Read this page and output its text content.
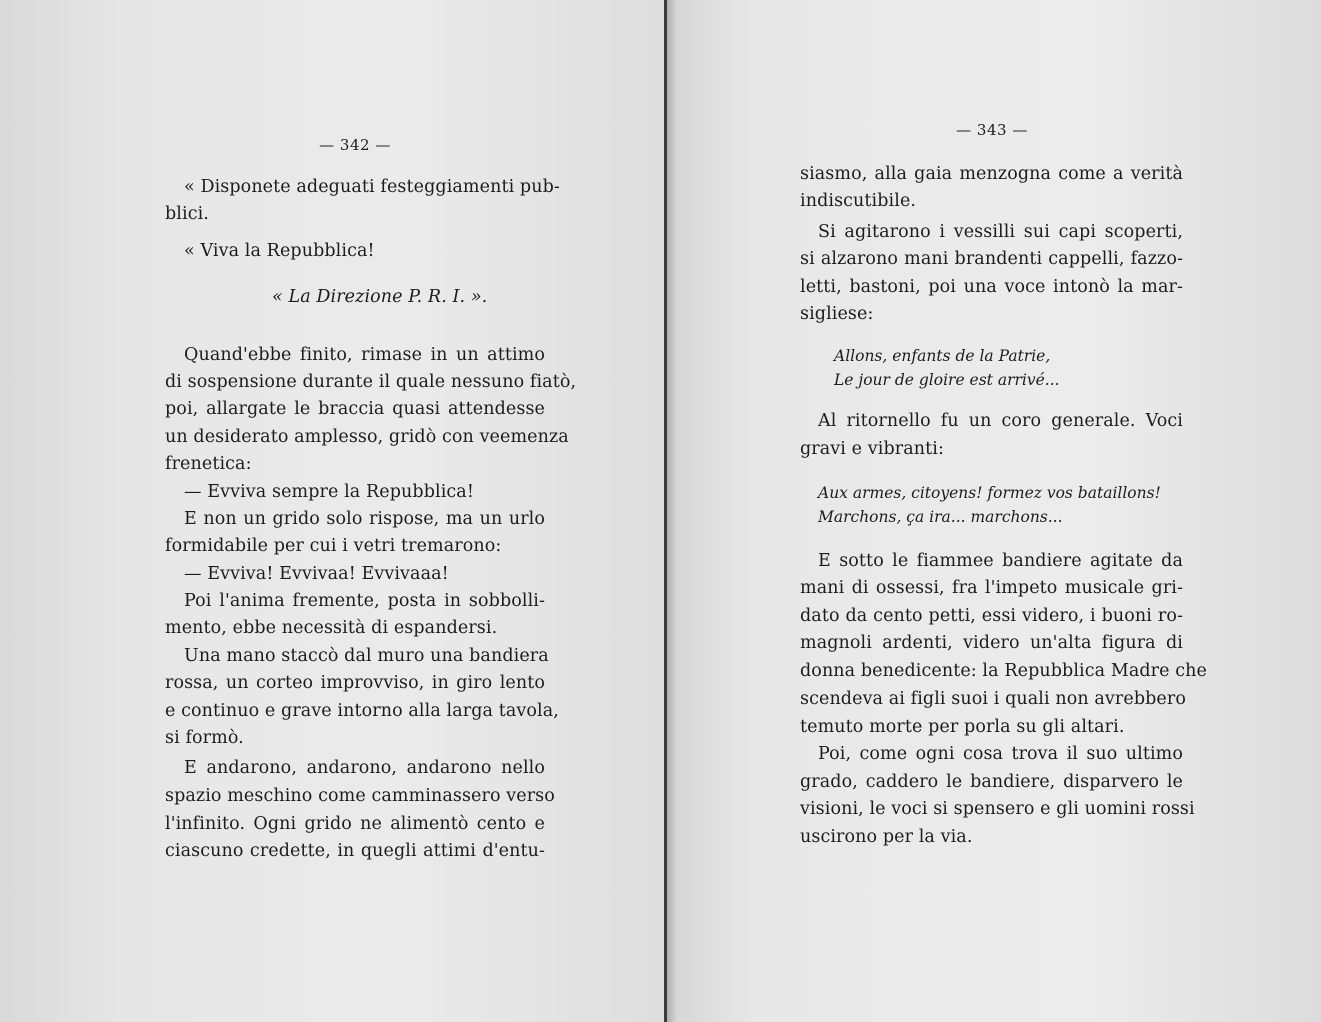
— 342 —
« Disponete adeguati festeggiamenti pub-
blici.
« Viva la Repubblica!
« La Direzione P. R. I. ».
Quand'ebbe finito, rimase in un attimo
di sospensione durante il quale nessuno fiatò,
poi, allargate le braccia quasi attendesse
un desiderato amplesso, gridò con veemenza
frenetica:
— Evviva sempre la Repubblica!
E non un grido solo rispose, ma un urlo
formidabile per cui i vetri tremarono:
— Evviva! Evvivaa! Evvivaaa!
Poi l'anima fremente, posta in sobbolli-
mento, ebbe necessità di espandersi.
Una mano staccò dal muro una bandiera
rossa, un corteo improvviso, in giro lento
e continuo e grave intorno alla larga tavola,
si formò.
E andarono, andarono, andarono nello
spazio meschino come camminassero verso
l'infinito. Ogni grido ne alimentò cento e
ciascuno credette, in quegli attimi d'entu-
— 343 —
siasmo, alla gaia menzogna come a verità
indiscutibile.
Si agitarono i vessilli sui capi scoperti,
si alzarono mani brandenti cappelli, fazzo-
letti, bastoni, poi una voce intonò la mar-
sigliese:
Allons, enfants de la Patrie,
Le jour de gloire est arrivé...
Al ritornello fu un coro generale. Voci
gravi e vibranti:
Aux armes, citoyens! formez vos bataillons!
Marchons, ça ira... marchons...
E sotto le fiammee bandiere agitate da
mani di ossessi, fra l'impeto musicale gri-
dato da cento petti, essi videro, i buoni ro-
magnoli ardenti, videro un'alta figura di
donna benedicente: la Repubblica Madre che
scendeva ai figli suoi i quali non avrebbero
temuto morte per porla su gli altari.
Poi, come ogni cosa trova il suo ultimo
grado, caddero le bandiere, disparvero le
visioni, le voci si spensero e gli uomini rossi
uscirono per la via.
